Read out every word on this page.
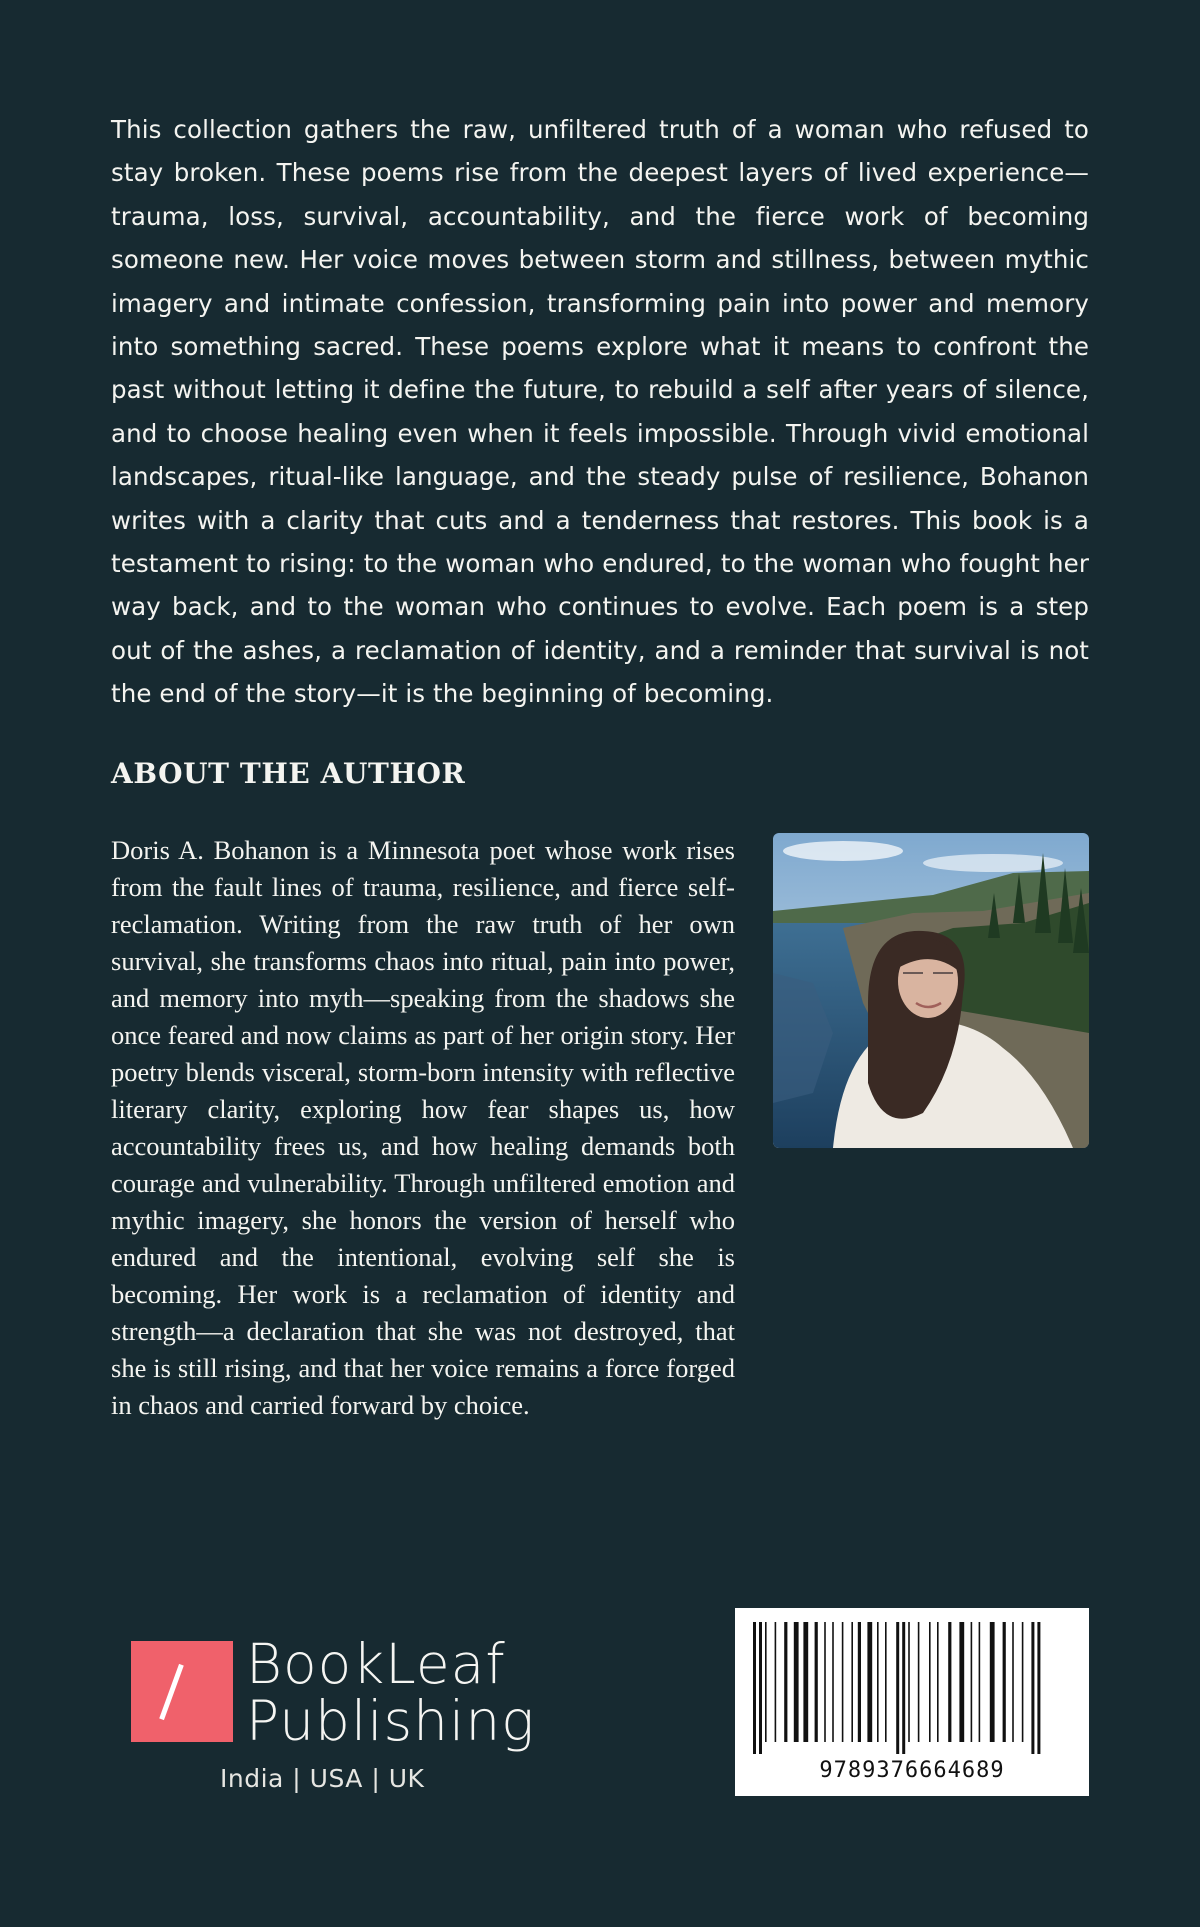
This collection gathers the raw, unfiltered truth of a woman who refused to stay broken. These poems rise from the deepest layers of lived experience—trauma, loss, survival, accountability, and the fierce work of becoming someone new. Her voice moves between storm and stillness, between mythic imagery and intimate confession, transforming pain into power and memory into something sacred. These poems explore what it means to confront the past without letting it define the future, to rebuild a self after years of silence, and to choose healing even when it feels impossible. Through vivid emotional landscapes, ritual-like language, and the steady pulse of resilience, Bohanon writes with a clarity that cuts and a tenderness that restores. This book is a testament to rising: to the woman who endured, to the woman who fought her way back, and to the woman who continues to evolve. Each poem is a step out of the ashes, a reclamation of identity, and a reminder that survival is not the end of the story—it is the beginning of becoming.

ABOUT THE AUTHOR

Doris A. Bohanon is a Minnesota poet whose work rises from the fault lines of trauma, resilience, and fierce self-reclamation. Writing from the raw truth of her own survival, she transforms chaos into ritual, pain into power, and memory into myth—speaking from the shadows she once feared and now claims as part of her origin story. Her poetry blends visceral, storm-born intensity with reflective literary clarity, exploring how fear shapes us, how accountability frees us, and how healing demands both courage and vulnerability. Through unfiltered emotion and mythic imagery, she honors the version of herself who endured and the intentional, evolving self she is becoming. Her work is a reclamation of identity and strength—a declaration that she was not destroyed, that she is still rising, and that her voice remains a force forged in chaos and carried forward by choice.

BookLeaf
Publishing
India | USA | UK	9789376664689
